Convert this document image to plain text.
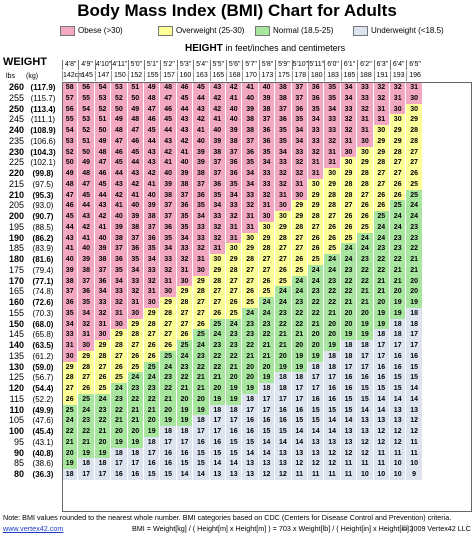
Body Mass Index (BMI) Chart for Adults
Obese (>30)	Overweight (25-30)	Normal (18.5-25)	Underweight (<18.5)
HEIGHT in feet/inches and centimeters
WEIGHT
lbs (kg)
4'8" 4'9" 4'10" 4'11" 5'0" 5'1" 5'2" 5'3" 5'4" 5'5" 5'6" 5'7" 5'8" 5'9" 5'10" 5'11" 6'0" 6'1" 6'2" 6'3" 6'4" 6'5"
142cm
145 147 150 152 155 157 160 163 165 168 170 173 175 178 180 183 185 188 191 193 196
260 (117.9)	58	56	54	53	51	49	48	46	45	43	42	41	40	38	37	36	35	34	33	32	32	31
255 (115.7)	57	55	53	52	50	48	47	45	44	42	41	40	39	38	37	36	35	34	33	32	31	30
250 (113.4)	56	54	52	50	49	47	46	44	43	42	40	39	38	37	36	35	34	33	32	31	30	30
245 (111.1)	55	53	51	49	48	46	45	43	42	41	40	38	37	36	35	34	33	32	31	31	30	29
240 (108.9)	54	52	50	48	47	45	44	43	41	40	39	38	36	35	34	33	33	32	31	30	29	28
235 (106.6)	53	51	49	47	46	44	43	42	40	39	38	37	36	35	34	33	32	31	30	29	29	28
230 (104.3)	52	50	48	46	45	43	42	41	39	38	37	36	35	34	33	32	31	30	30	29	28	27
225 (102.1)	50	49	47	45	44	43	41	40	39	37	36	35	34	33	32	31	31	30	29	28	27	27
220	(99.8)	49	48	46	44	43	42	40	39	38	37	36	34	33	32	32	31	30	29	28	27	27	26
215	(97.5)	48	47	45	43	42	41	39	38	37	36	35	34	33	32	31	30	29	28	28	27	26	25
210	(95.3)	47	45	44	42	41	40	38	37	36	35	34	33	32	31	30	29	28	28	27	26	26	25
205	(93.0)	46	44	43	41	40	39	37	36	35	34	33	32	31	30	29	29	28	27	26	26	25	24
200	(90.7)	45	43	42	40	39	38	37	35	34	33	32	31	30	30	29	28	27	26	26	25	24	24
195	(88.5)	44	42	41	39	38	37	36	35	33	32	31	31	30	29	28	27	26	26	25	24	24	23
190	(86.2)	43	41	40	38	37	36	35	34	33	32	31	30	29	28	27	26	26	25	24	24	23	23
185	(83.9)	41	40	39	37	36	35	34	33	32	31	30	29	28	27	27	26	25	24	24	23	23	22
180	(81.6)	40	39	38	36	35	34	33	32	31	30	29	28	27	27	26	25	24	24	23	22	22	21
175	(79.4)	39	38	37	35	34	33	32	31	30	29	28	27	27	26	25	24	24	23	22	22	21	21
170	(77.1)	38	37	36	34	33	32	31	30	29	28	27	27	26	25	24	24	23	22	22	21	21	20
165	(74.8)	37	36	34	33	32	31	30	29	28	27	27	26	25	24	24	23	22	22	21	21	20	20
160	(72.6)	36	35	33	32	31	30	29	28	27	27	26	25	24	24	23	22	22	21	21	20	19	19
155	(70.3)	35	34	32	31	30	29	28	27	27	26	25	24	24	23	22	22	21	20	20	19	19	18
150	(68.0)	34	32	31	30	29	28	27	27	26	25	24	23	23	22	22	21	20	20	19	19	18	18
145	(65.8)	33	31	30	29	28	27	27	26	25	24	23	23	22	21	21	20	20	19	19	18	18	17
140	(63.5)	31	30	29	28	27	26	26	25	24	23	23	22	21	21	20	20	19	18	18	17	17	17
135	(61.2)	30	29	28	27	26	26	25	24	23	22	22	21	21	20	19	19	18	18	17	17	16	16
130	(59.0)	29	28	27	26	25	25	24	23	22	22	21	20	20	19	19	18	18	17	17	16	16	15
125	(56.7)	28	27	26	25	24	24	23	22	21	21	20	20	19	18	18	17	17	16	16	16	15	15
120	(54.4)	27	26	25	24	23	23	22	21	21	20	19	19	18	18	17	17	16	16	15	15	15	14
115	(52.2)	26	25	24	23	22	22	21	20	20	19	19	18	17	17	17	16	16	15	15	14	14	14
110	(49.9)	25	24	23	22	21	21	20	19	19	18	18	17	17	16	16	15	15	15	14	14	13	13
105	(47.6)	24	23	22	21	21	20	19	19	18	17	17	16	16	16	15	15	14	14	13	13	13	12
100	(45.4)	22	22	21	20	20	19	18	18	17	17	16	16	15	15	14	14	14	13	13	12	12	12
95	(43.1)	21	21	20	19	19	18	17	17	16	16	15	15	14	14	14	13	13	13	12	12	12	11
90	(40.8)	20	19	19	18	18	17	16	16	15	15	15	14	14	13	13	13	12	12	12	11	11	11
85	(38.6)	19	18	18	17	17	16	16	15	15	14	14	13	13	13	12	12	12	11	11	11	10	10
80	(36.3)	18	17	17	16	16	15	15	14	14	13	13	13	12	12	11	11	11	11	10	10	10	9
Note: BMI values rounded to the nearest whole number. BMI categories based on CDC (Centers for Disease Control and Prevention) criteria.
www.vertex42.com	BMI = Weight[kg] / ( Height[m] x Height[m] ) = 703 x Weight[lb] / ( Height[in] x Height[in] )
© 2009 Vertex42 LLC
